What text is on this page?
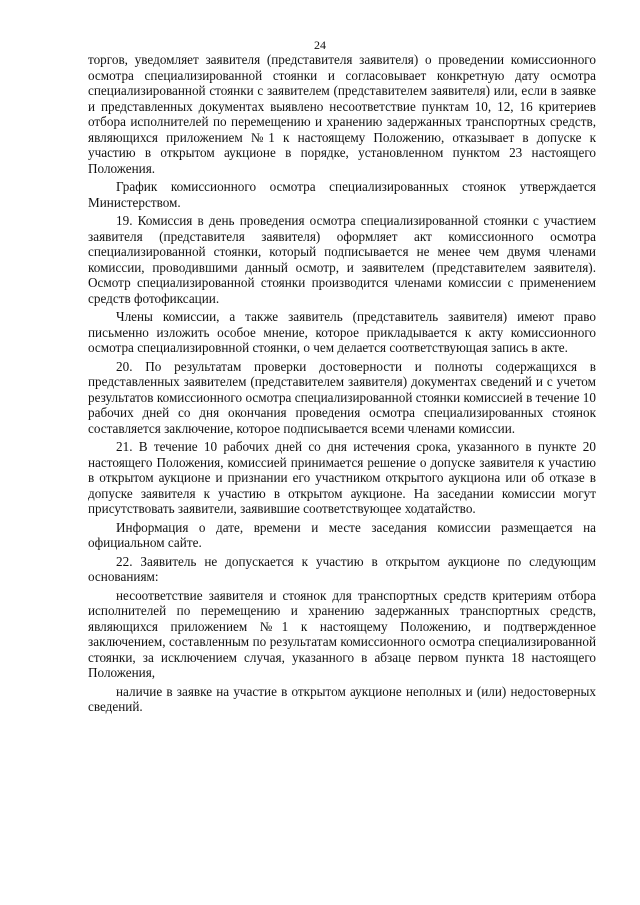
24

торгов, уведомляет заявителя (представителя заявителя) о проведении комиссионного осмотра специализированной стоянки и согласовывает конкретную дату осмотра специализированной стоянки с заявителем (представителем заявителя) или, если в заявке и представленных документах выявлено несоответствие пунктам 10, 12, 16 критериев отбора исполнителей по перемещению и хранению задержанных транспортных средств, являющихся приложением №1 к настоящему Положению, отказывает в допуске к участию в открытом аукционе в порядке, установленном пунктом 23 настоящего Положения.

График комиссионного осмотра специализированных стоянок утверждается Министерством.

19. Комиссия в день проведения осмотра специализированной стоянки с участием заявителя (представителя заявителя) оформляет акт комиссионного осмотра специализированной стоянки, который подписывается не менее чем двумя членами комиссии, проводившими данный осмотр, и заявителем (представителем заявителя). Осмотр специализированной стоянки производится членами комиссии с применением средств фотофиксации.

Члены комиссии, а также заявитель (представитель заявителя) имеют право письменно изложить особое мнение, которое прикладывается к акту комиссионного осмотра специализировнной стоянки, о чем делается соответствующая запись в акте.

20. По результатам проверки достоверности и полноты содержащихся в представленных заявителем (представителем заявителя) документах сведений и с учетом результатов комиссионного осмотра специализированной стоянки комиссией в течение 10 рабочих дней со дня окончания проведения осмотра специализированных стоянок составляется заключение, которое подписывается всеми членами комиссии.

21. В течение 10 рабочих дней со дня истечения срока, указанного в пункте 20 настоящего Положения, комиссией принимается решение о допуске заявителя к участию в открытом аукционе и признании его участником открытого аукциона или об отказе в допуске заявителя к участию в открытом аукционе. На заседании комиссии могут присутствовать заявители, заявившие соответствующее ходатайство.

Информация о дате, времени и месте заседания комиссии размещается на официальном сайте.

22. Заявитель не допускается к участию в открытом аукционе по следующим основаниям:

несоответствие заявителя и стоянок для транспортных средств критериям отбора исполнителей по перемещению и хранению задержанных транспортных средств, являющихся приложением №1 к настоящему Положению, и подтвержденное заключением, составленным по результатам комиссионного осмотра специализированной стоянки, за исключением случая, указанного в абзаце первом пункта 18 настоящего Положения,

наличие в заявке на участие в открытом аукционе неполных и (или) недостоверных сведений.
